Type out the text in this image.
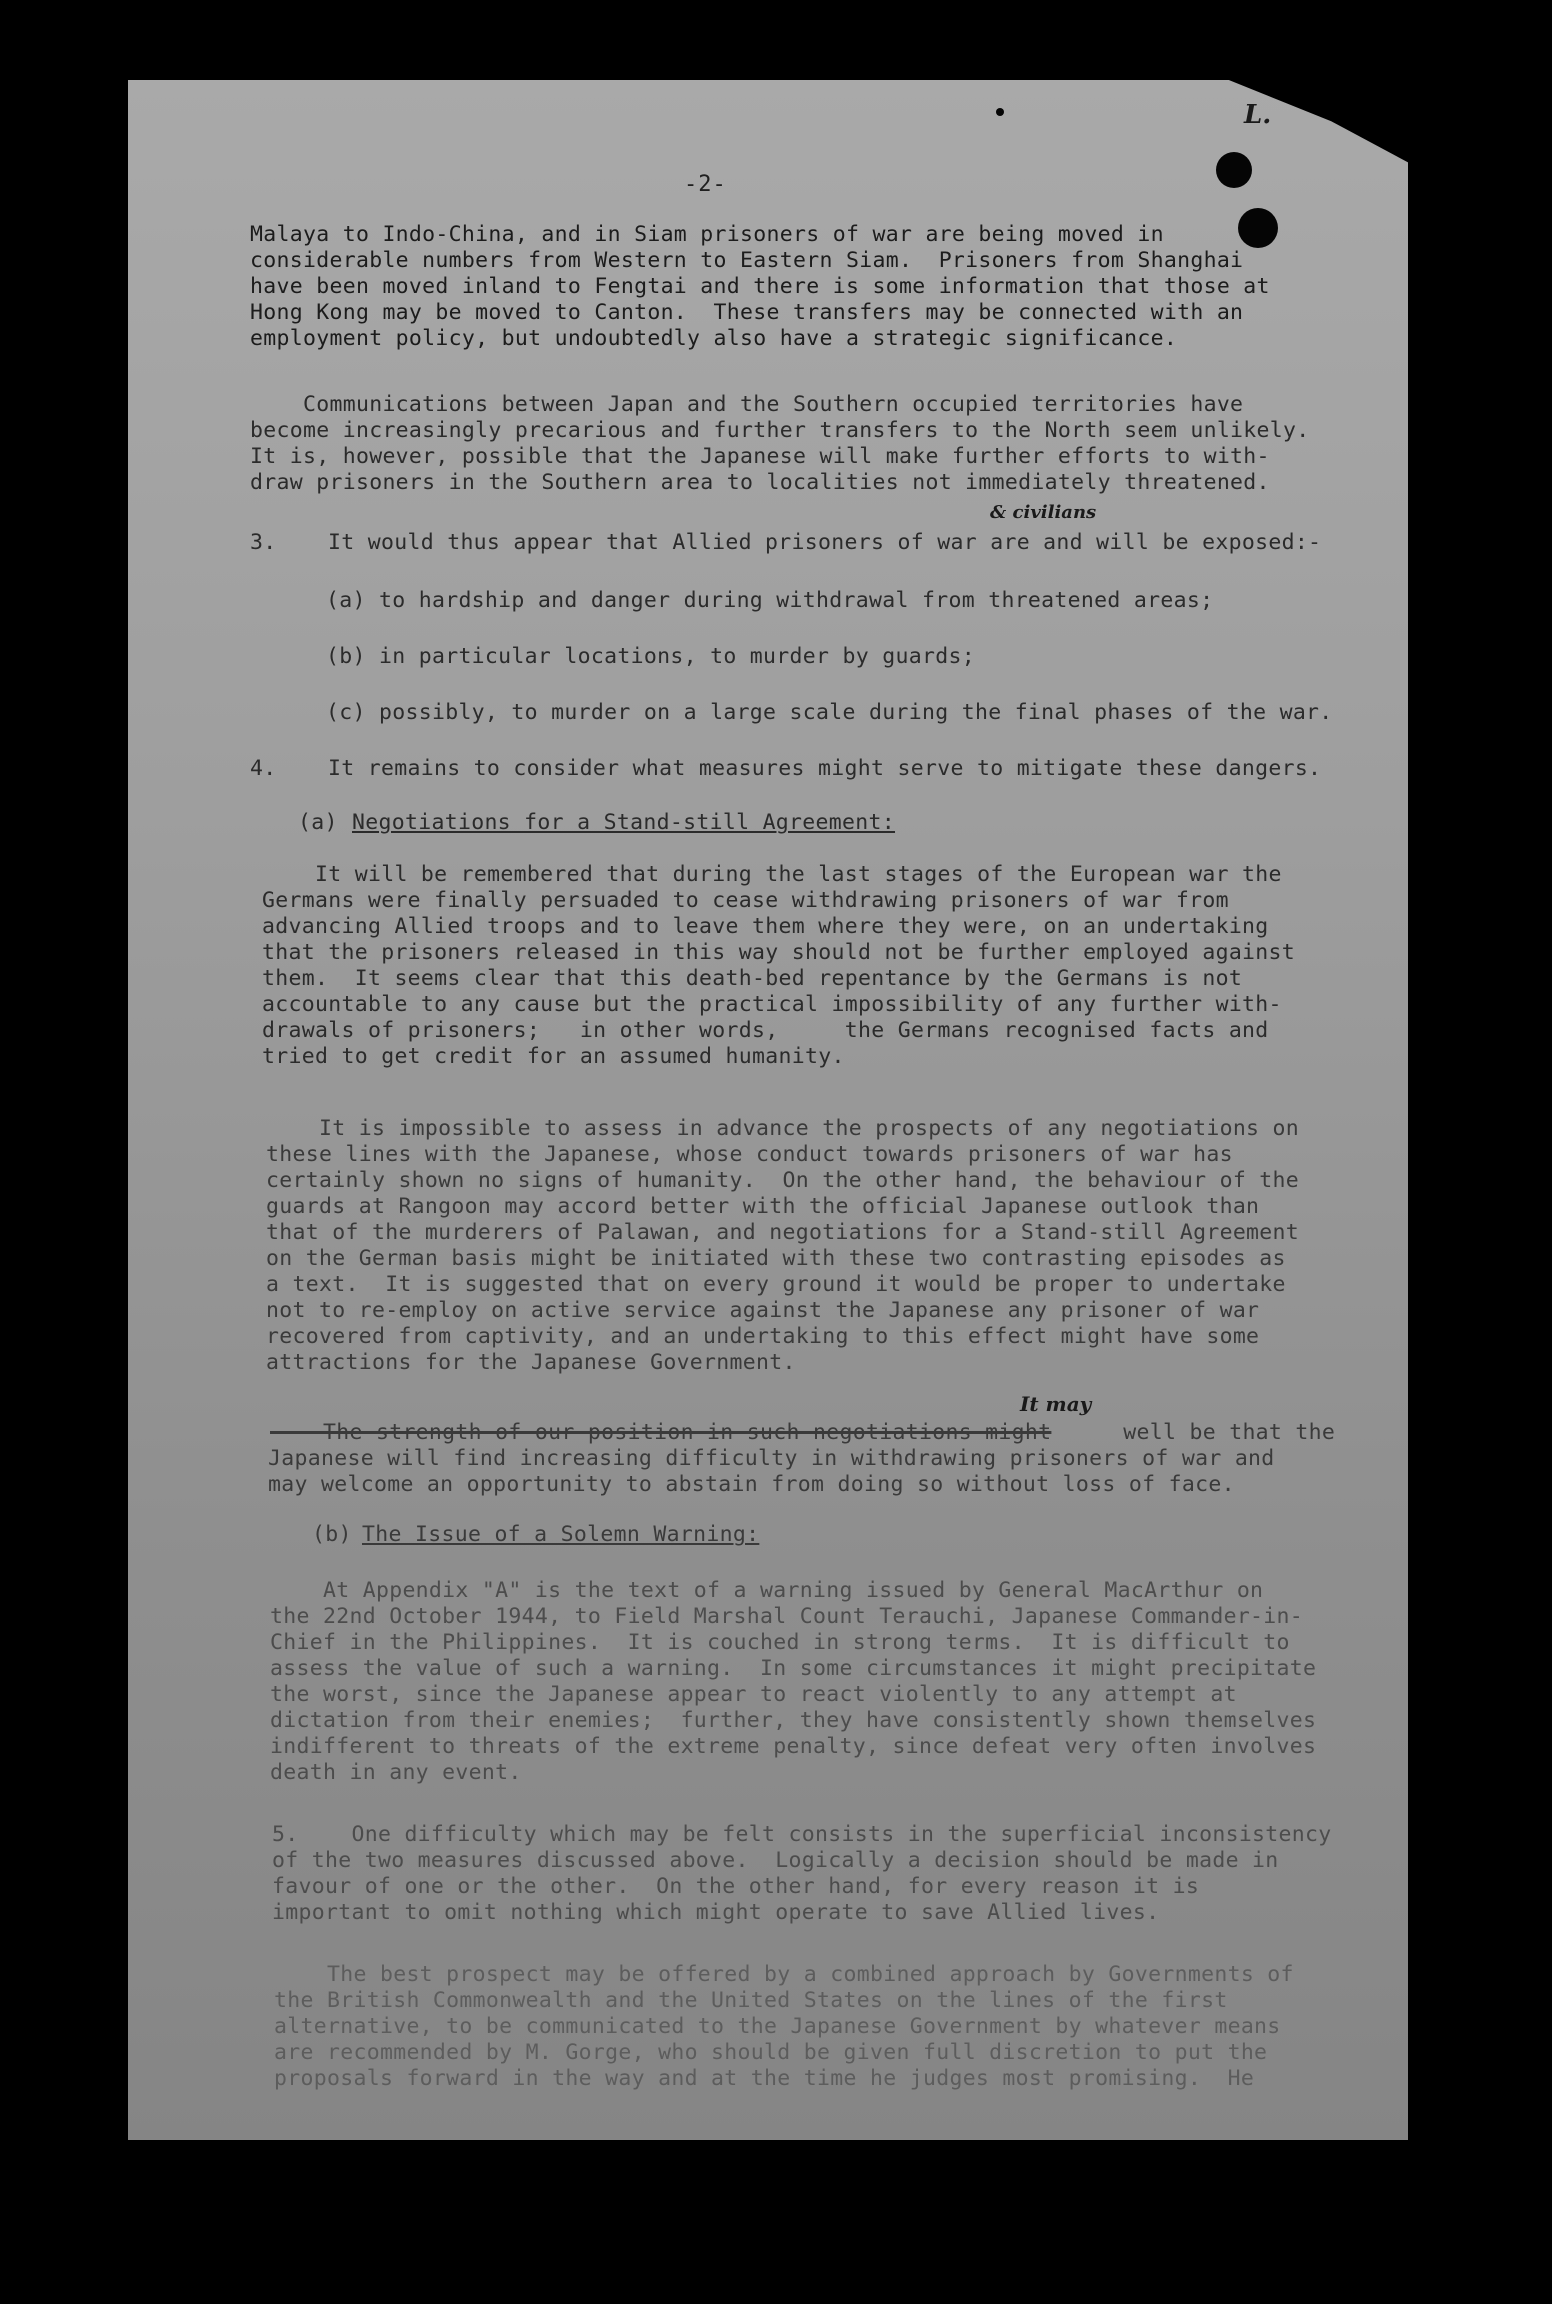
L.
-2-
Malaya to Indo-China, and in Siam prisoners of war are being moved in
considerable numbers from Western to Eastern Siam.  Prisoners from Shanghai
have been moved inland to Fengtai and there is some information that those at
Hong Kong may be moved to Canton.  These transfers may be connected with an
employment policy, but undoubtedly also have a strategic significance.
Communications between Japan and the Southern occupied territories have
become increasingly precarious and further transfers to the North seem unlikely.
It is, however, possible that the Japanese will make further efforts to with-
draw prisoners in the Southern area to localities not immediately threatened.
3. It would thus appear that Allied prisoners of war are and will be exposed:-
& civilians
(a) to hardship and danger during withdrawal from threatened areas;
(b) in particular locations, to murder by guards;
(c) possibly, to murder on a large scale during the final phases of the war.
4. It remains to consider what measures might serve to mitigate these dangers.
(a) Negotiations for a Stand-still Agreement:
It will be remembered that during the last stages of the European war the
Germans were finally persuaded to cease withdrawing prisoners of war from
advancing Allied troops and to leave them where they were, on an undertaking
that the prisoners released in this way should not be further employed against
them.  It seems clear that this death-bed repentance by the Germans is not
accountable to any cause but the practical impossibility of any further with-
drawals of prisoners;   in other words,     the Germans recognised facts and
tried to get credit for an assumed humanity.
It is impossible to assess in advance the prospects of any negotiations on
these lines with the Japanese, whose conduct towards prisoners of war has
certainly shown no signs of humanity.  On the other hand, the behaviour of the
guards at Rangoon may accord better with the official Japanese outlook than
that of the murderers of Palawan, and negotiations for a Stand-still Agreement
on the German basis might be initiated with these two contrasting episodes as
a text.  It is suggested that on every ground it would be proper to undertake
not to re-employ on active service against the Japanese any prisoner of war
recovered from captivity, and an undertaking to this effect might have some
attractions for the Japanese Government.
The strength of our position in such negotiations might	well be that the
It may
Japanese will find increasing difficulty in withdrawing prisoners of war and
may welcome an opportunity to abstain from doing so without loss of face.
(b) The Issue of a Solemn Warning:
At Appendix "A" is the text of a warning issued by General MacArthur on
the 22nd October 1944, to Field Marshal Count Terauchi, Japanese Commander-in-
Chief in the Philippines.  It is couched in strong terms.  It is difficult to
assess the value of such a warning.  In some circumstances it might precipitate
the worst, since the Japanese appear to react violently to any attempt at
dictation from their enemies;  further, they have consistently shown themselves
indifferent to threats of the extreme penalty, since defeat very often involves
death in any event.
5.    One difficulty which may be felt consists in the superficial inconsistency
of the two measures discussed above.  Logically a decision should be made in
favour of one or the other.  On the other hand, for every reason it is
important to omit nothing which might operate to save Allied lives.
The best prospect may be offered by a combined approach by Governments of
the British Commonwealth and the United States on the lines of the first
alternative, to be communicated to the Japanese Government by whatever means
are recommended by M. Gorge, who should be given full discretion to put the
proposals forward in the way and at the time he judges most promising.  He
